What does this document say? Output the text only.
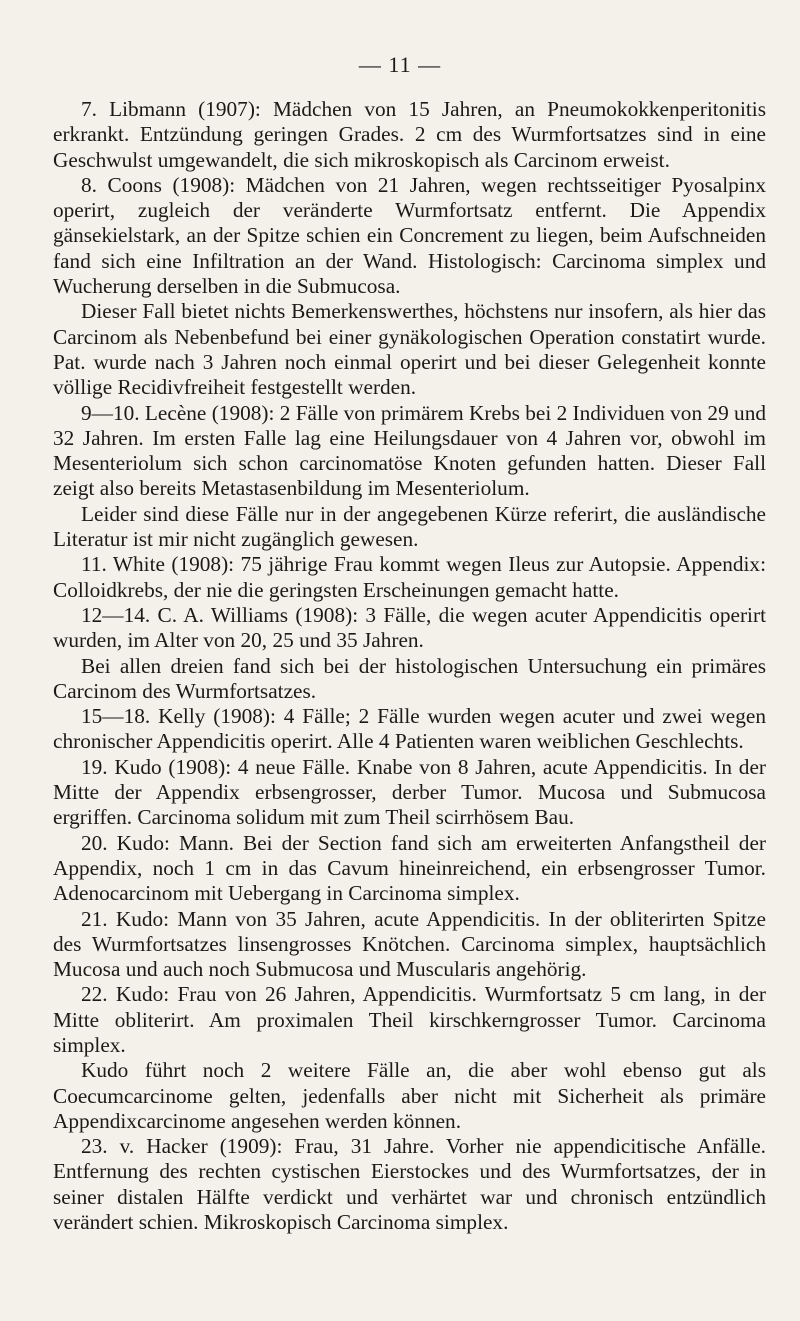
— 11 —

7. Libmann (1907): Mädchen von 15 Jahren, an Pneumokokkenperitonitis erkrankt. Entzündung geringen Grades. 2 cm des Wurmfortsatzes sind in eine Geschwulst umgewandelt, die sich mikroskopisch als Carcinom erweist.

8. Coons (1908): Mädchen von 21 Jahren, wegen rechtsseitiger Pyosalpinx operirt, zugleich der veränderte Wurmfortsatz entfernt. Die Appendix gänsekielstark, an der Spitze schien ein Concrement zu liegen, beim Aufschneiden fand sich eine Infiltration an der Wand. Histologisch: Carcinoma simplex und Wucherung derselben in die Submucosa.

Dieser Fall bietet nichts Bemerkenswerthes, höchstens nur insofern, als hier das Carcinom als Nebenbefund bei einer gynäkologischen Operation constatirt wurde. Pat. wurde nach 3 Jahren noch einmal operirt und bei dieser Gelegenheit konnte völlige Recidivfreiheit festgestellt werden.

9—10. Lecène (1908): 2 Fälle von primärem Krebs bei 2 Individuen von 29 und 32 Jahren. Im ersten Falle lag eine Heilungsdauer von 4 Jahren vor, obwohl im Mesenteriolum sich schon carcinomatöse Knoten gefunden hatten. Dieser Fall zeigt also bereits Metastasenbildung im Mesenteriolum.

Leider sind diese Fälle nur in der angegebenen Kürze referirt, die ausländische Literatur ist mir nicht zugänglich gewesen.

11. White (1908): 75 jährige Frau kommt wegen Ileus zur Autopsie. Appendix: Colloidkrebs, der nie die geringsten Erscheinungen gemacht hatte.

12—14. C. A. Williams (1908): 3 Fälle, die wegen acuter Appendicitis operirt wurden, im Alter von 20, 25 und 35 Jahren.

Bei allen dreien fand sich bei der histologischen Untersuchung ein primäres Carcinom des Wurmfortsatzes.

15—18. Kelly (1908): 4 Fälle; 2 Fälle wurden wegen acuter und zwei wegen chronischer Appendicitis operirt. Alle 4 Patienten waren weiblichen Geschlechts.

19. Kudo (1908): 4 neue Fälle. Knabe von 8 Jahren, acute Appendicitis. In der Mitte der Appendix erbsengrosser, derber Tumor. Mucosa und Submucosa ergriffen. Carcinoma solidum mit zum Theil scirrhösem Bau.

20. Kudo: Mann. Bei der Section fand sich am erweiterten Anfangstheil der Appendix, noch 1 cm in das Cavum hineinreichend, ein erbsengrosser Tumor. Adenocarcinom mit Uebergang in Carcinoma simplex.

21. Kudo: Mann von 35 Jahren, acute Appendicitis. In der obliterirten Spitze des Wurmfortsatzes linsengrosses Knötchen. Carcinoma simplex, hauptsächlich Mucosa und auch noch Submucosa und Muscularis angehörig.

22. Kudo: Frau von 26 Jahren, Appendicitis. Wurmfortsatz 5 cm lang, in der Mitte obliterirt. Am proximalen Theil kirschkerngrosser Tumor. Carcinoma simplex.

Kudo führt noch 2 weitere Fälle an, die aber wohl ebenso gut als Coecumcarcinome gelten, jedenfalls aber nicht mit Sicherheit als primäre Appendixcarcinome angesehen werden können.

23. v. Hacker (1909): Frau, 31 Jahre. Vorher nie appendicitische Anfälle. Entfernung des rechten cystischen Eierstockes und des Wurmfortsatzes, der in seiner distalen Hälfte verdickt und verhärtet war und chronisch entzündlich verändert schien. Mikroskopisch Carcinoma simplex.
